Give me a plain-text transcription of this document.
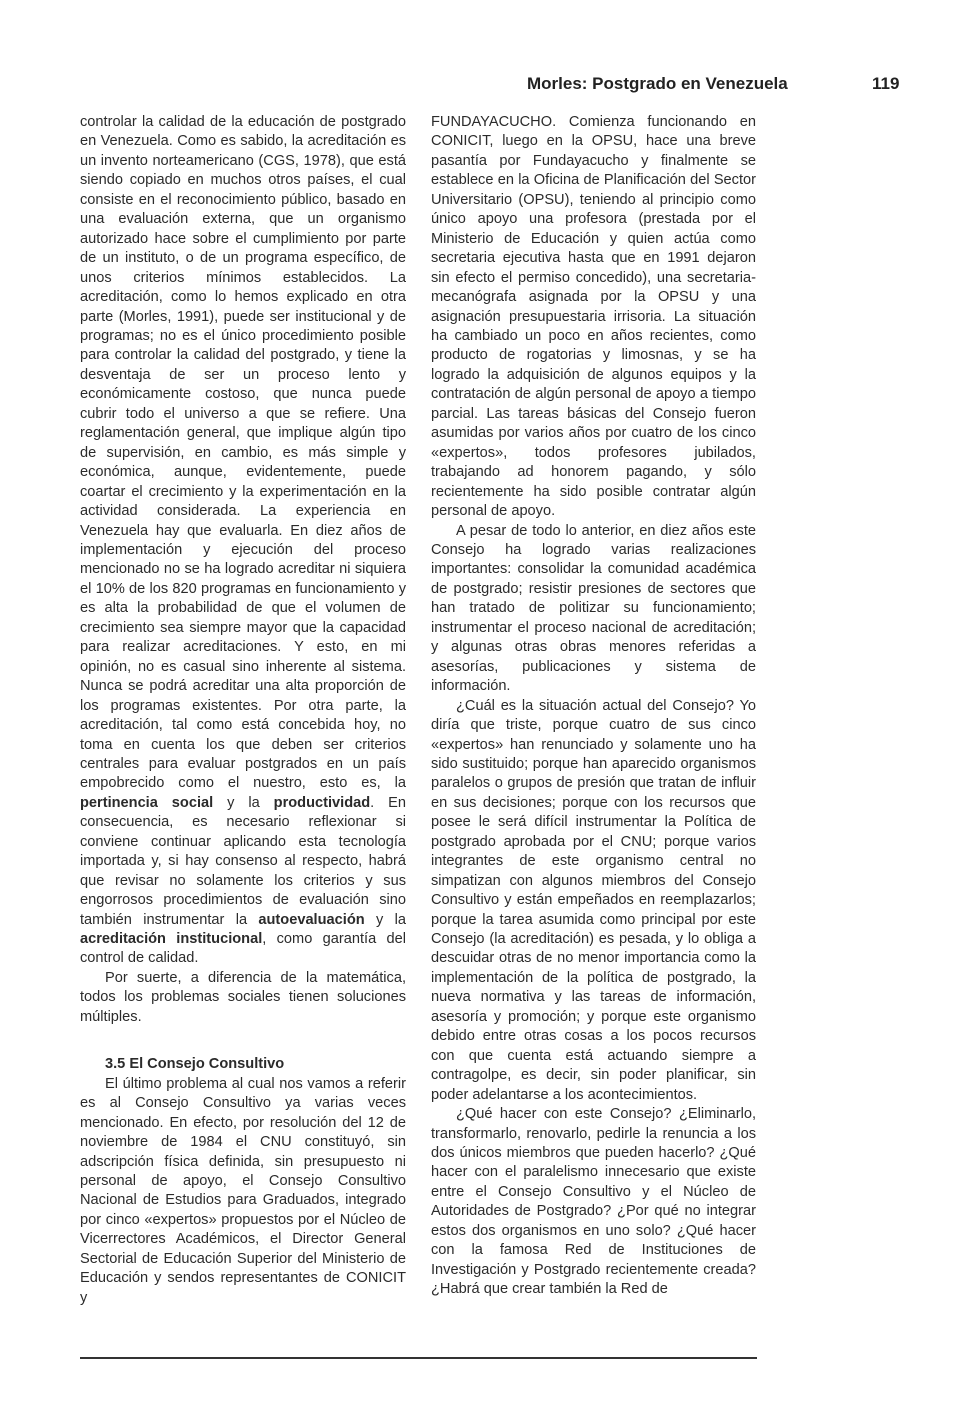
Morles: Postgrado en Venezuela	119

controlar la calidad de la educación de postgrado en Venezuela. Como es sabido, la acreditación es un invento norteamericano (CGS, 1978), que está siendo copiado en muchos otros países, el cual consiste en el reconocimiento público, basado en una evaluación externa, que un organismo autorizado hace sobre el cumplimiento por parte de un instituto, o de un programa específico, de unos criterios mínimos establecidos. La acreditación, como lo hemos explicado en otra parte (Morles, 1991), puede ser institucional y de programas; no es el único procedimiento posible para controlar la calidad del postgrado, y tiene la desventaja de ser un proceso lento y económicamente costoso, que nunca puede cubrir todo el universo a que se refiere. Una reglamentación general, que implique algún tipo de supervisión, en cambio, es más simple y económica, aunque, evidentemente, puede coartar el crecimiento y la experimentación en la actividad considerada. La experiencia en Venezuela hay que evaluarla. En diez años de implementación y ejecución del proceso mencionado no se ha logrado acreditar ni siquiera el 10% de los 820 programas en funcionamiento y es alta la probabilidad de que el volumen de crecimiento sea siempre mayor que la capacidad para realizar acreditaciones. Y esto, en mi opinión, no es casual sino inherente al sistema. Nunca se podrá acreditar una alta proporción de los programas existentes. Por otra parte, la acreditación, tal como está concebida hoy, no toma en cuenta los que deben ser criterios centrales para evaluar postgrados en un país empobrecido como el nuestro, esto es, la pertinencia social y la productividad. En consecuencia, es necesario reflexionar si conviene continuar aplicando esta tecnología importada y, si hay consenso al respecto, habrá que revisar no solamente los criterios y sus engorrosos procedimientos de evaluación sino también instrumentar la autoevaluación y la acreditación institucional, como garantía del control de calidad.

Por suerte, a diferencia de la matemática, todos los problemas sociales tienen soluciones múltiples.

3.5 El Consejo Consultivo

El último problema al cual nos vamos a referir es al Consejo Consultivo ya varias veces mencionado. En efecto, por resolución del 12 de noviembre de 1984 el CNU constituyó, sin adscripción física definida, sin presupuesto ni personal de apoyo, el Consejo Consultivo Nacional de Estudios para Graduados, integrado por cinco «expertos» propuestos por el Núcleo de Vicerrectores Académicos, el Director General Sectorial de Educación Superior del Ministerio de Educación y sendos representantes de CONICIT y

FUNDAYACUCHO. Comienza funcionando en CONICIT, luego en la OPSU, hace una breve pasantía por Fundayacucho y finalmente se establece en la Oficina de Planificación del Sector Universitario (OPSU), teniendo al principio como único apoyo una profesora (prestada por el Ministerio de Educación y quien actúa como secretaria ejecutiva hasta que en 1991 dejaron sin efecto el permiso concedido), una secretaria-mecanógrafa asignada por la OPSU y una asignación presupuestaria irrisoria. La situación ha cambiado un poco en años recientes, como producto de rogatorias y limosnas, y se ha logrado la adquisición de algunos equipos y la contratación de algún personal de apoyo a tiempo parcial. Las tareas básicas del Consejo fueron asumidas por varios años por cuatro de los cinco «expertos», todos profesores jubilados, trabajando ad honorem pagando, y sólo recientemente ha sido posible contratar algún personal de apoyo.

A pesar de todo lo anterior, en diez años este Consejo ha logrado varias realizaciones importantes: consolidar la comunidad académica de postgrado; resistir presiones de sectores que han tratado de politizar su funcionamiento; instrumentar el proceso nacional de acreditación; y algunas otras obras menores referidas a asesorías, publicaciones y sistema de información.

¿Cuál es la situación actual del Consejo? Yo diría que triste, porque cuatro de sus cinco «expertos» han renunciado y solamente uno ha sido sustituido; porque han aparecido organismos paralelos o grupos de presión que tratan de influir en sus decisiones; porque con los recursos que posee le será difícil instrumentar la Política de postgrado aprobada por el CNU; porque varios integrantes de este organismo central no simpatizan con algunos miembros del Consejo Consultivo y están empeñados en reemplazarlos; porque la tarea asumida como principal por este Consejo (la acreditación) es pesada, y lo obliga a descuidar otras de no menor importancia como la implementación de la política de postgrado, la nueva normativa y las tareas de información, asesoría y promoción; y porque este organismo debido entre otras cosas a los pocos recursos con que cuenta está actuando siempre a contragolpe, es decir, sin poder planificar, sin poder adelantarse a los acontecimientos.

¿Qué hacer con este Consejo? ¿Eliminarlo, transformarlo, renovarlo, pedirle la renuncia a los dos únicos miembros que pueden hacerlo? ¿Qué hacer con el paralelismo innecesario que existe entre el Consejo Consultivo y el Núcleo de Autoridades de Postgrado? ¿Por qué no integrar estos dos organismos en uno solo? ¿Qué hacer con la famosa Red de Instituciones de Investigación y Postgrado recientemente creada? ¿Habrá que crear también la Red de
